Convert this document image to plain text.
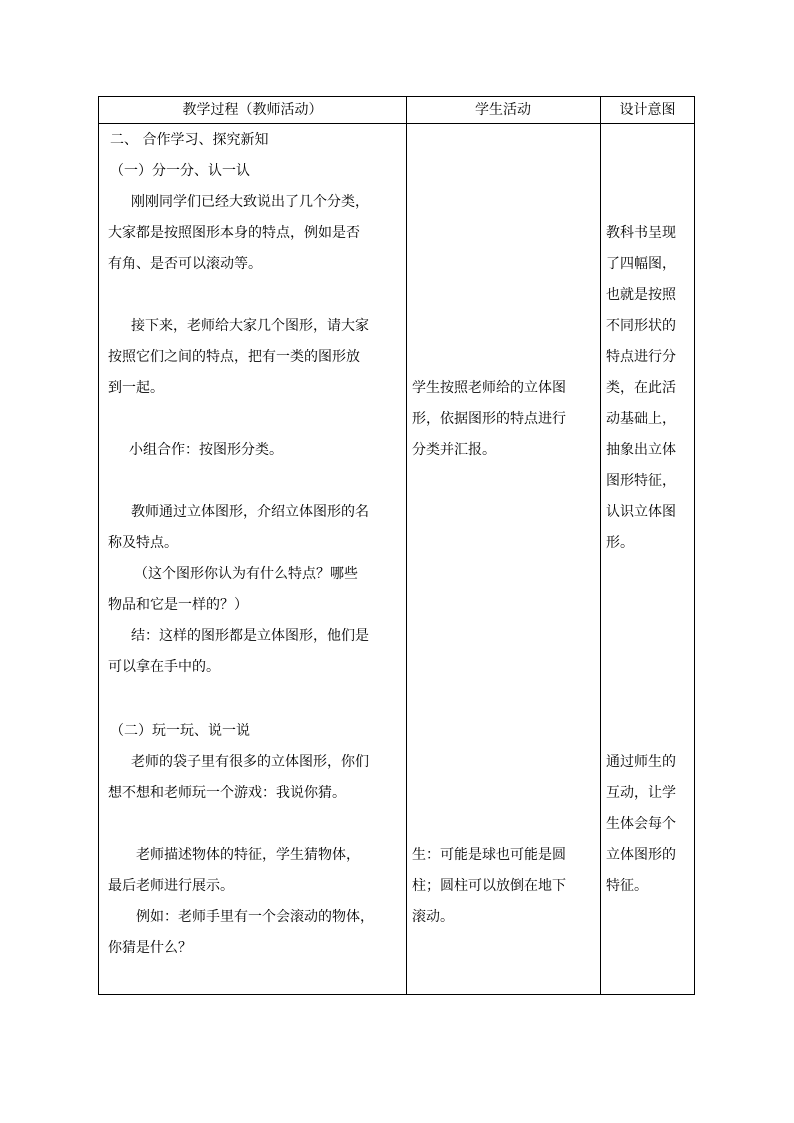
教学过程（教师活动）	学生活动	设计意图
二、 合作学习、探究新知
（一）分一分、认一认
刚刚同学们已经大致说出了几个分类，
大家都是按照图形本身的特点，例如是否
有角、是否可以滚动等。
接下来，老师给大家几个图形，请大家
按照它们之间的特点，把有一类的图形放
到一起。
小组合作：按图形分类。
教师通过立体图形，介绍立体图形的名
称及特点。
（这个图形你认为有什么特点？哪些
物品和它是一样的？）
结：这样的图形都是立体图形，他们是
可以拿在手中的。
（二）玩一玩、说一说
老师的袋子里有很多的立体图形，你们
想不想和老师玩一个游戏：我说你猜。
老师描述物体的特征，学生猜物体，
最后老师进行展示。
例如：老师手里有一个会滚动的物体，
你猜是什么？
学生按照老师给的立体图
形，依据图形的特点进行
分类并汇报。
生：可能是球也可能是圆
柱；圆柱可以放倒在地下
滚动。
教科书呈现
了四幅图，
也就是按照
不同形状的
特点进行分
类，在此活
动基础上，
抽象出立体
图形特征，
认识立体图
形。
通过师生的
互动，让学
生体会每个
立体图形的
特征。
